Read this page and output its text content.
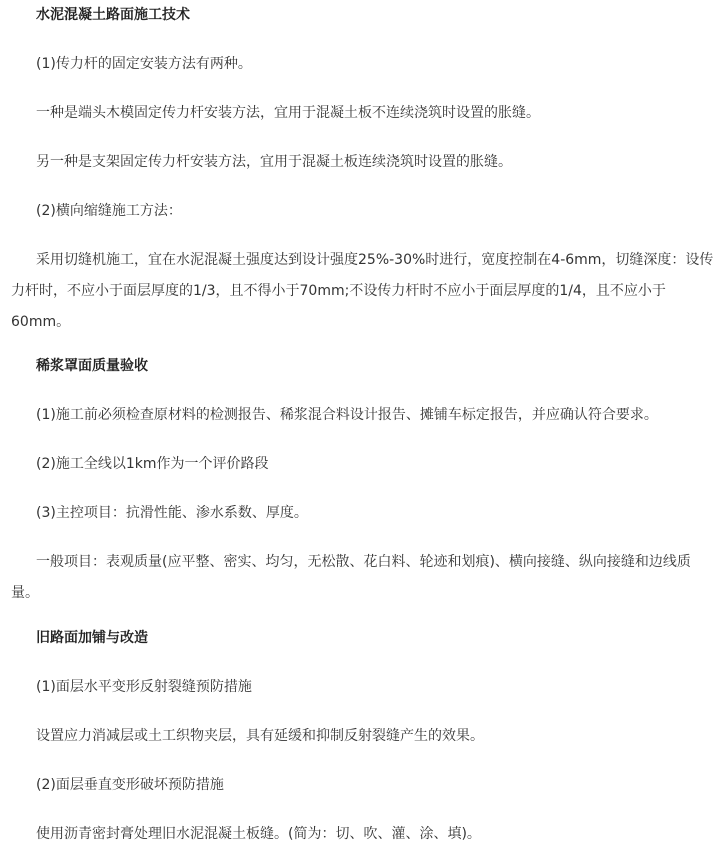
水泥混凝土路面施工技术

(1)传力杆的固定安装方法有两种。

一种是端头木模固定传力杆安装方法，宜用于混凝土板不连续浇筑时设置的胀缝。

另一种是支架固定传力杆安装方法，宜用于混凝土板连续浇筑时设置的胀缝。

(2)横向缩缝施工方法：

采用切缝机施工，宜在水泥混凝土强度达到设计强度25%-30%时进行，宽度控制在4-6mm，切缝深度：设传力杆时，不应小于面层厚度的1/3，且不得小于70mm;不设传力杆时不应小于面层厚度的1/4，且不应小于60mm。

稀浆罩面质量验收

(1)施工前必须检查原材料的检测报告、稀浆混合料设计报告、摊铺车标定报告，并应确认符合要求。

(2)施工全线以1km作为一个评价路段

(3)主控项目：抗滑性能、渗水系数、厚度。

一般项目：表观质量(应平整、密实、均匀，无松散、花白料、轮迹和划痕)、横向接缝、纵向接缝和边线质量。

旧路面加铺与改造

(1)面层水平变形反射裂缝预防措施

设置应力消减层或土工织物夹层，具有延缓和抑制反射裂缝产生的效果。

(2)面层垂直变形破坏预防措施

使用沥青密封膏处理旧水泥混凝土板缝。(简为：切、吹、灌、涂、填)。
